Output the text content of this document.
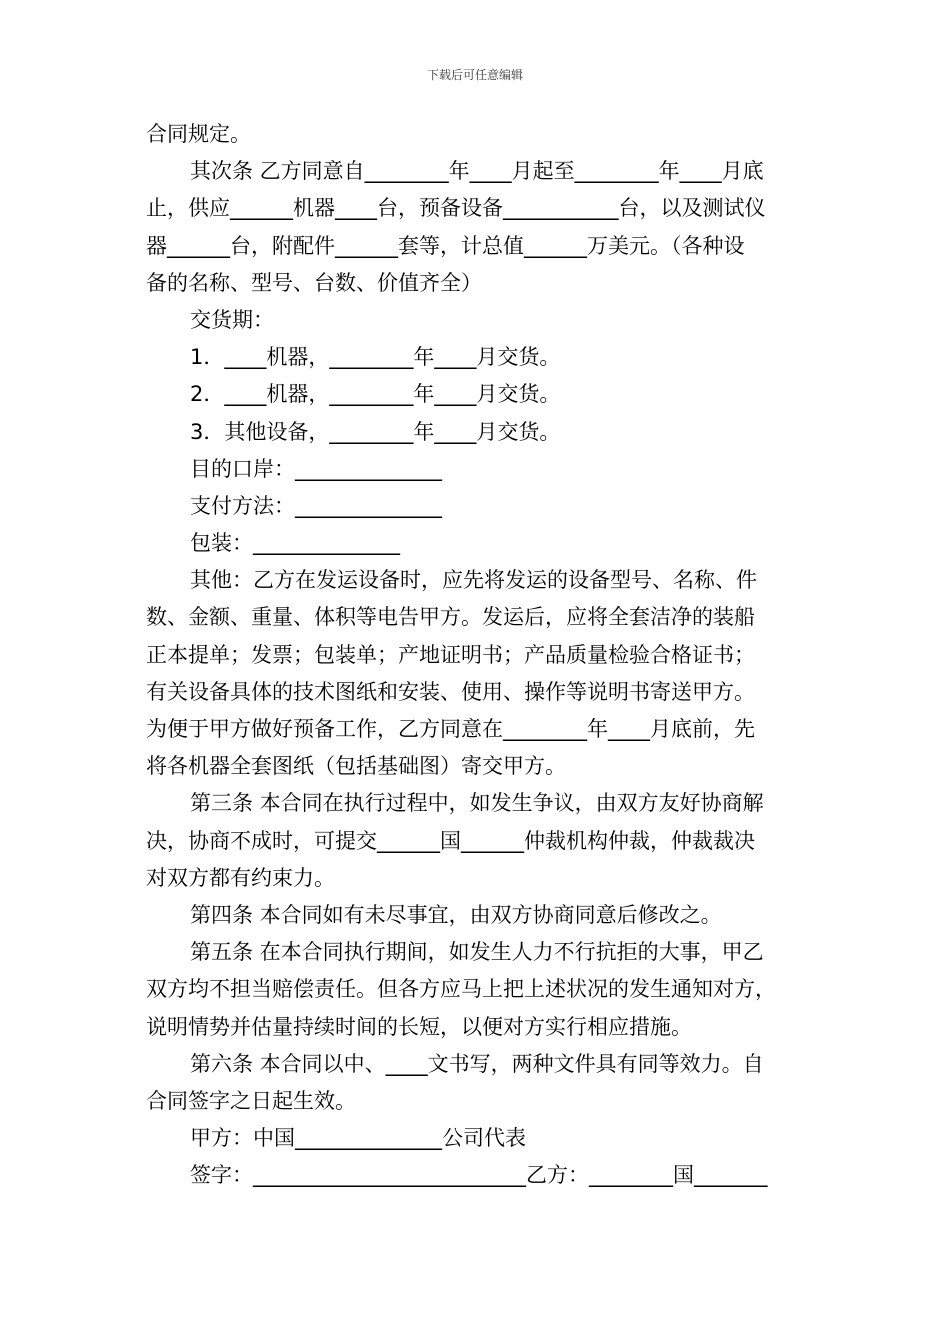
下载后可任意编辑
合同规定。
其次条 乙方同意自________年____月起至________年____月底
止，供应______机器____台，预备设备___________台，以及测试仪
器______台，附配件______套等，计总值______万美元。（各种设
备的名称、型号、台数、价值齐全）
交货期：
1．____机器，________年____月交货。
2．____机器，________年____月交货。
3．其他设备，________年____月交货。
目的口岸：______________
支付方法：______________
包装：______________
其他：乙方在发运设备时，应先将发运的设备型号、名称、件
数、金额、重量、体积等电告甲方。发运后，应将全套洁净的装船
正本提单；发票；包装单；产地证明书；产品质量检验合格证书；
有关设备具体的技术图纸和安装、使用、操作等说明书寄送甲方。
为便于甲方做好预备工作，乙方同意在________年____月底前，先
将各机器全套图纸（包括基础图）寄交甲方。
第三条 本合同在执行过程中，如发生争议，由双方友好协商解
决，协商不成时，可提交______国______仲裁机构仲裁，仲裁裁决
对双方都有约束力。
第四条 本合同如有未尽事宜，由双方协商同意后修改之。
第五条 在本合同执行期间，如发生人力不行抗拒的大事，甲乙
双方均不担当赔偿责任。但各方应马上把上述状况的发生通知对方，
说明情势并估量持续时间的长短，以便对方实行相应措施。
第六条 本合同以中、____文书写，两种文件具有同等效力。自
合同签字之日起生效。
甲方：中国______________公司代表
签字：__________________________乙方：________国_______
